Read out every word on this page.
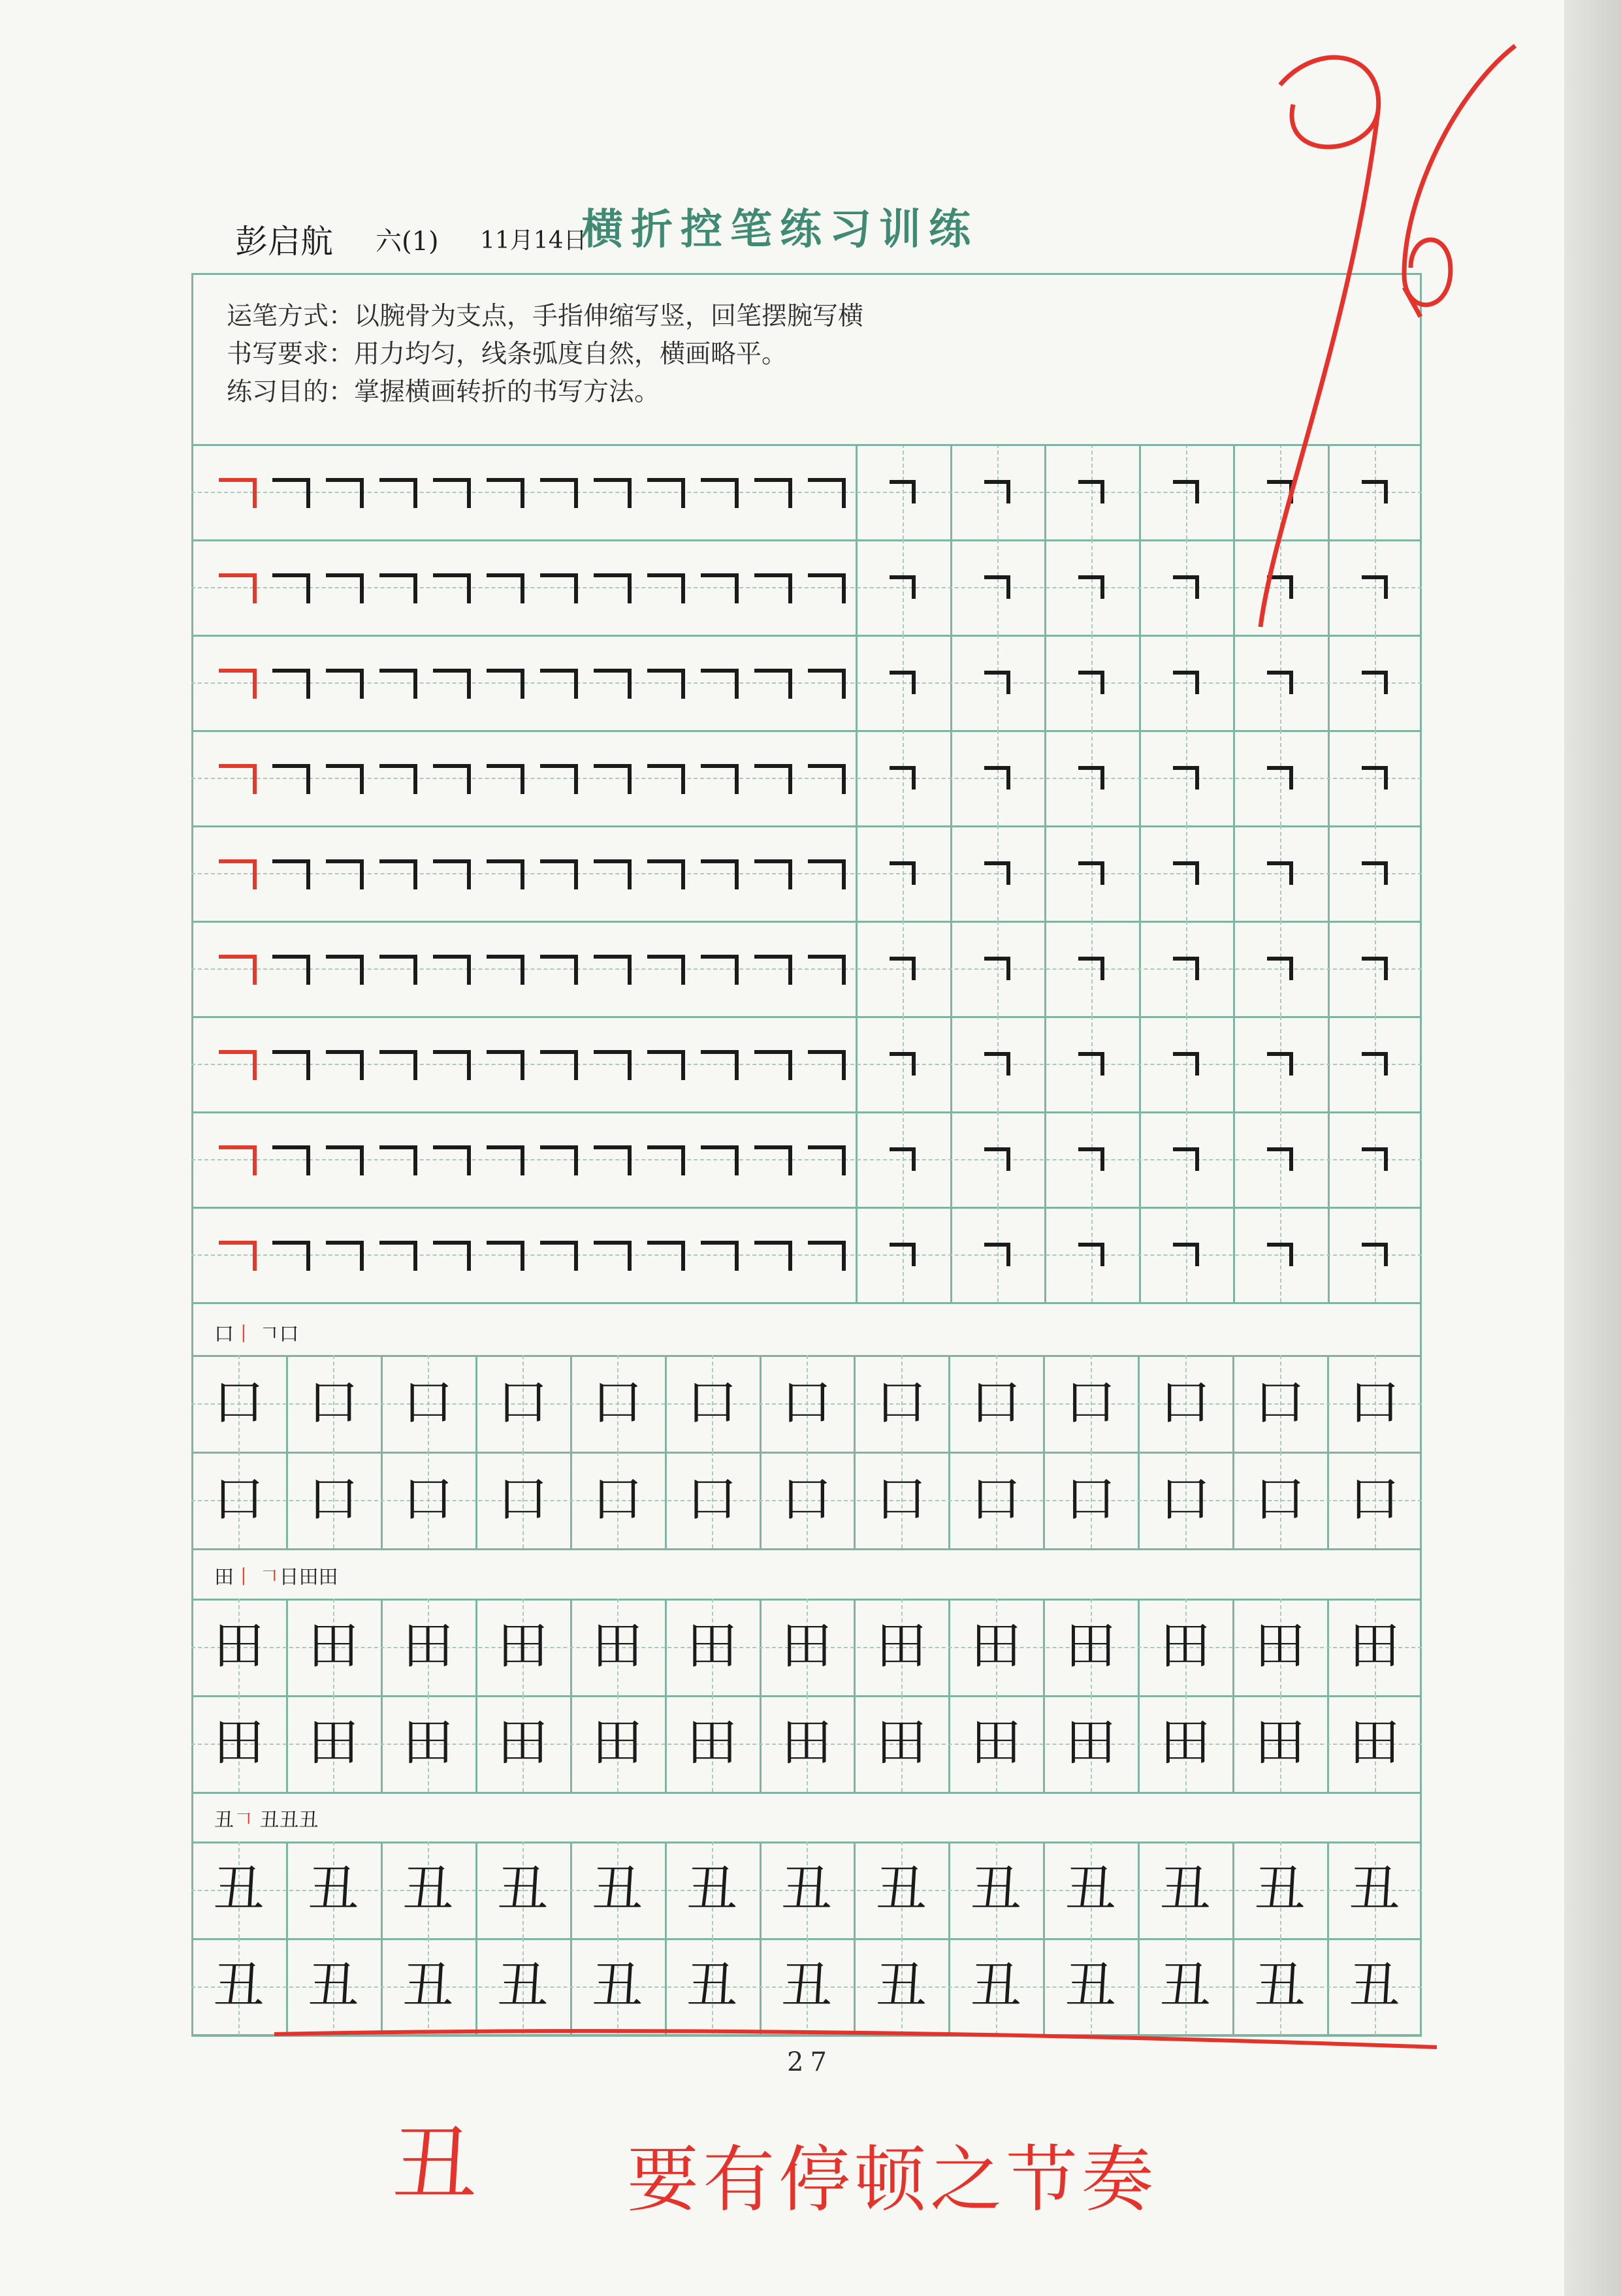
彭启航 六(1) 11月14日
横折控笔练习训练
运笔方式：以腕骨为支点，手指伸缩写竖，回笔摆腕写横
书写要求：用力均匀，线条弧度自然，横画略平。
练习目的：掌握横画转折的书写方法。
口 口 口 口 口 口 口 口 口 口 口 口 口
口 口 口 口 口 口 口 口 口 口 口 口 口
田 田 田 田 田 田 田 田 田 田 田 田 田
田 田 田 田 田 田 田 田 田 田 田 田 田
丑 丑 丑 丑 丑 丑 丑 丑 丑 丑 丑 丑 丑
丑 丑 丑 丑 丑 丑 丑 丑 丑 丑 丑 丑 丑
口丨 𠃍口
田丨 𠃍日田田
丑𠃍 丑丑丑
27
丑 要有停顿之节奏
